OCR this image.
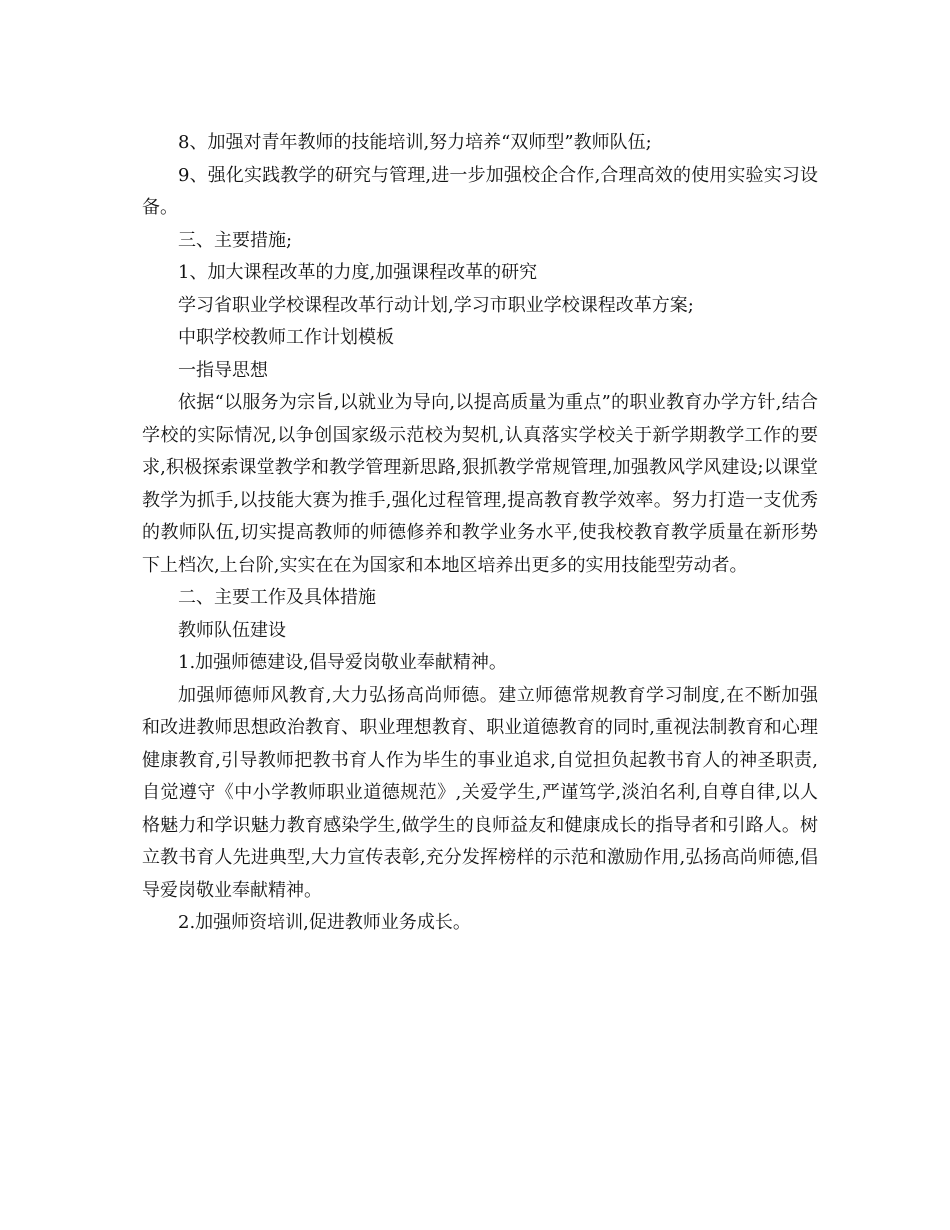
8、加强对青年教师的技能培训,努力培养“双师型”教师队伍;

9、强化实践教学的研究与管理,进一步加强校企合作,合理高效的使用实验实习设备。

三、主要措施;

1、加大课程改革的力度,加强课程改革的研究

学习省职业学校课程改革行动计划,学习市职业学校课程改革方案;

中职学校教师工作计划模板

一指导思想

依据“以服务为宗旨,以就业为导向,以提高质量为重点”的职业教育办学方针,结合学校的实际情况,以争创国家级示范校为契机,认真落实学校关于新学期教学工作的要求,积极探索课堂教学和教学管理新思路,狠抓教学常规管理,加强教风学风建设;以课堂教学为抓手,以技能大赛为推手,强化过程管理,提高教育教学效率。努力打造一支优秀的教师队伍,切实提高教师的师德修养和教学业务水平,使我校教育教学质量在新形势下上档次,上台阶,实实在在为国家和本地区培养出更多的实用技能型劳动者。

二、主要工作及具体措施

教师队伍建设

1.加强师德建设,倡导爱岗敬业奉献精神。

加强师德师风教育,大力弘扬高尚师德。建立师德常规教育学习制度,在不断加强和改进教师思想政治教育、职业理想教育、职业道德教育的同时,重视法制教育和心理健康教育,引导教师把教书育人作为毕生的事业追求,自觉担负起教书育人的神圣职责,自觉遵守《中小学教师职业道德规范》,关爱学生,严谨笃学,淡泊名利,自尊自律,以人格魅力和学识魅力教育感染学生,做学生的良师益友和健康成长的指导者和引路人。树立教书育人先进典型,大力宣传表彰,充分发挥榜样的示范和激励作用,弘扬高尚师德,倡导爱岗敬业奉献精神。

2.加强师资培训,促进教师业务成长。
